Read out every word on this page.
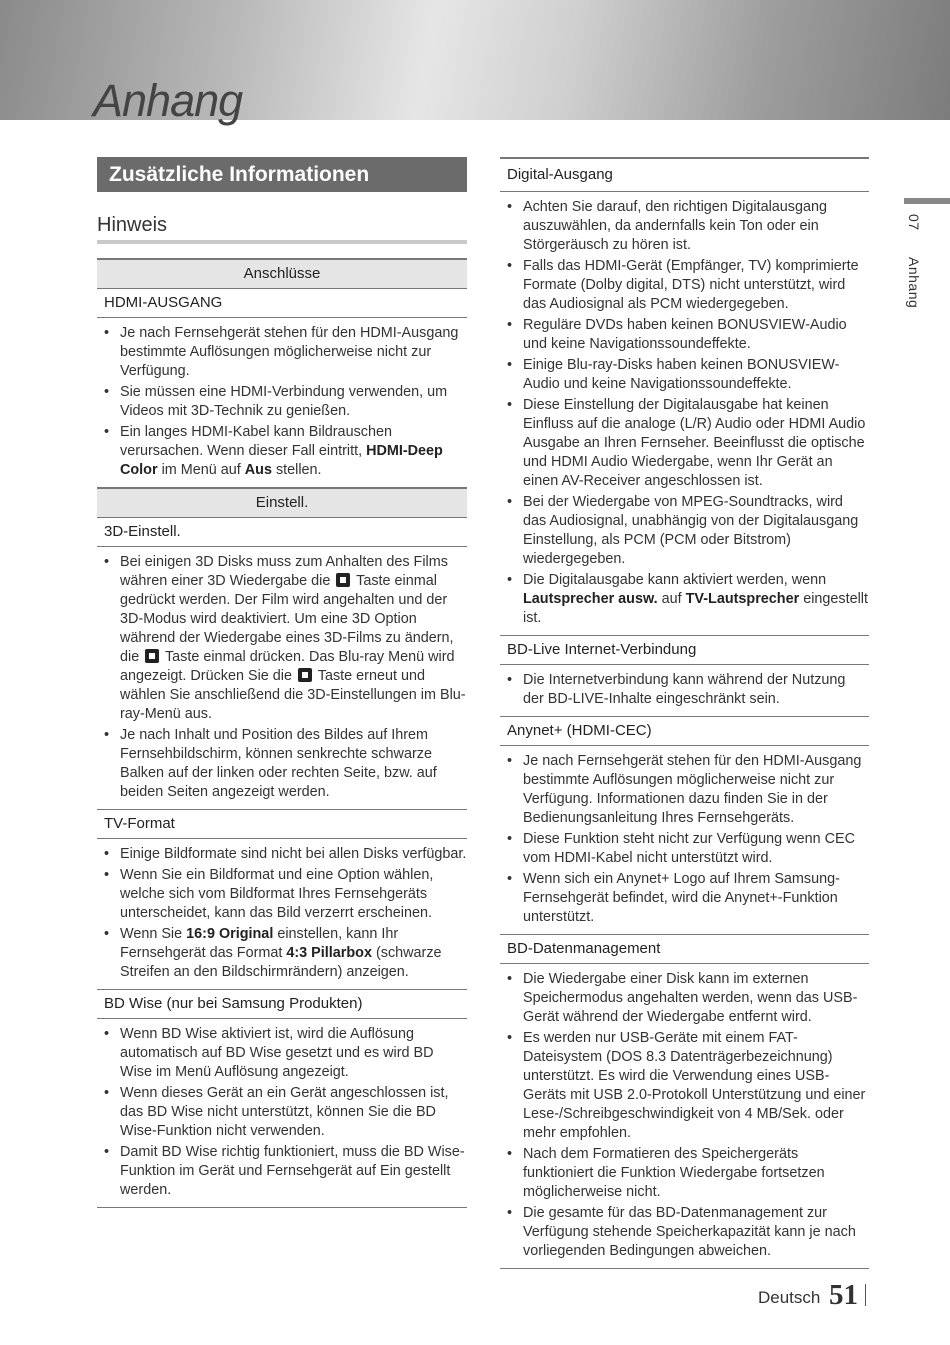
Anhang
07 Anhang
Zusätzliche Informationen
Hinweis
Anschlüsse
HDMI-AUSGANG
• Je nach Fernsehgerät stehen für den HDMI-Ausgang bestimmte Auflösungen möglicherweise nicht zur Verfügung.
• Sie müssen eine HDMI-Verbindung verwenden, um Videos mit 3D-Technik zu genießen.
• Ein langes HDMI-Kabel kann Bildrauschen verursachen. Wenn dieser Fall eintritt, HDMI-Deep Color im Menü auf Aus stellen.
Einstell.
3D-Einstell.
• Bei einigen 3D Disks muss zum Anhalten des Films währen einer 3D Wiedergabe die Taste einmal gedrückt werden. Der Film wird angehalten und der 3D-Modus wird deaktiviert. Um eine 3D Option während der Wiedergabe eines 3D-Films zu ändern, die Taste einmal drücken. Das Blu-ray Menü wird angezeigt. Drücken Sie die Taste erneut und wählen Sie anschließend die 3D-Einstellungen im Blu-ray-Menü aus.
• Je nach Inhalt und Position des Bildes auf Ihrem Fernsehbildschirm, können senkrechte schwarze Balken auf der linken oder rechten Seite, bzw. auf beiden Seiten angezeigt werden.
TV-Format
• Einige Bildformate sind nicht bei allen Disks verfügbar.
• Wenn Sie ein Bildformat und eine Option wählen, welche sich vom Bildformat Ihres Fernsehgeräts unterscheidet, kann das Bild verzerrt erscheinen.
• Wenn Sie 16:9 Original einstellen, kann Ihr Fernsehgerät das Format 4:3 Pillarbox (schwarze Streifen an den Bildschirmrändern) anzeigen.
BD Wise (nur bei Samsung Produkten)
• Wenn BD Wise aktiviert ist, wird die Auflösung automatisch auf BD Wise gesetzt und es wird BD Wise im Menü Auflösung angezeigt.
• Wenn dieses Gerät an ein Gerät angeschlossen ist, das BD Wise nicht unterstützt, können Sie die BD Wise-Funktion nicht verwenden.
• Damit BD Wise richtig funktioniert, muss die BD Wise-Funktion im Gerät und Fernsehgerät auf Ein gestellt werden.
Digital-Ausgang
• Achten Sie darauf, den richtigen Digitalausgang auszuwählen, da andernfalls kein Ton oder ein Störgeräusch zu hören ist.
• Falls das HDMI-Gerät (Empfänger, TV) komprimierte Formate (Dolby digital, DTS) nicht unterstützt, wird das Audiosignal als PCM wiedergegeben.
• Reguläre DVDs haben keinen BONUSVIEW-Audio und keine Navigationssoundeffekte.
• Einige Blu-ray-Disks haben keinen BONUSVIEW-Audio und keine Navigationssoundeffekte.
• Diese Einstellung der Digitalausgabe hat keinen Einfluss auf die analoge (L/R) Audio oder HDMI Audio Ausgabe an Ihren Fernseher. Beeinflusst die optische und HDMI Audio Wiedergabe, wenn Ihr Gerät an einen AV-Receiver angeschlossen ist.
• Bei der Wiedergabe von MPEG-Soundtracks, wird das Audiosignal, unabhängig von der Digitalausgang Einstellung, als PCM (PCM oder Bitstrom) wiedergegeben.
• Die Digitalausgabe kann aktiviert werden, wenn Lautsprecher ausw. auf TV-Lautsprecher eingestellt ist.
BD-Live Internet-Verbindung
• Die Internetverbindung kann während der Nutzung der BD-LIVE-Inhalte eingeschränkt sein.
Anynet+ (HDMI-CEC)
• Je nach Fernsehgerät stehen für den HDMI-Ausgang bestimmte Auflösungen möglicherweise nicht zur Verfügung. Informationen dazu finden Sie in der Bedienungsanleitung Ihres Fernsehgeräts.
• Diese Funktion steht nicht zur Verfügung wenn CEC vom HDMI-Kabel nicht unterstützt wird.
• Wenn sich ein Anynet+ Logo auf Ihrem Samsung-Fernsehgerät befindet, wird die Anynet+-Funktion unterstützt.
BD-Datenmanagement
• Die Wiedergabe einer Disk kann im externen Speichermodus angehalten werden, wenn das USB-Gerät während der Wiedergabe entfernt wird.
• Es werden nur USB-Geräte mit einem FAT-Dateisystem (DOS 8.3 Datenträgerbezeichnung) unterstützt. Es wird die Verwendung eines USB-Geräts mit USB 2.0-Protokoll Unterstützung und einer Lese-/Schreibgeschwindigkeit von 4 MB/Sek. oder mehr empfohlen.
• Nach dem Formatieren des Speichergeräts funktioniert die Funktion Wiedergabe fortsetzen möglicherweise nicht.
• Die gesamte für das BD-Datenmanagement zur Verfügung stehende Speicherkapazität kann je nach vorliegenden Bedingungen abweichen.
Deutsch 51
